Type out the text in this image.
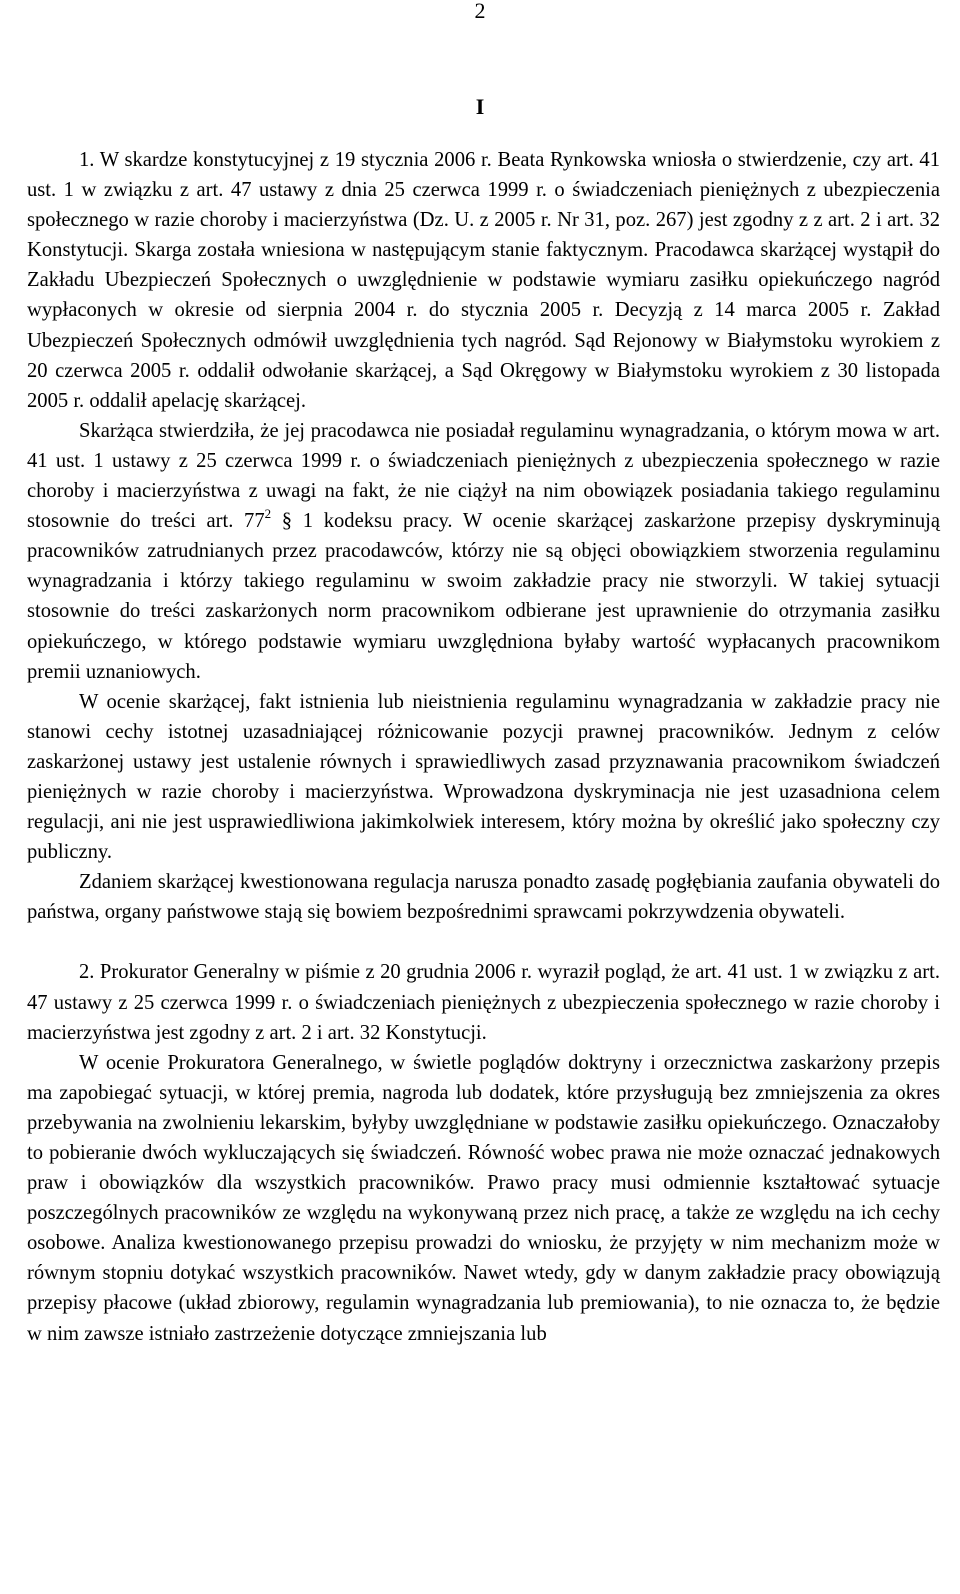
2
I

1. W skardze konstytucyjnej z 19 stycznia 2006 r. Beata Rynkowska wniosła o stwierdzenie, czy art. 41 ust. 1 w związku z art. 47 ustawy z dnia 25 czerwca 1999 r. o świadczeniach pieniężnych z ubezpieczenia społecznego w razie choroby i macierzyństwa (Dz. U. z 2005 r. Nr 31, poz. 267) jest zgodny z z art. 2 i art. 32 Konstytucji. Skarga została wniesiona w następującym stanie faktycznym. Pracodawca skarżącej wystąpił do Zakładu Ubezpieczeń Społecznych o uwzględnienie w podstawie wymiaru zasiłku opiekuńczego nagród wypłaconych w okresie od sierpnia 2004 r. do stycznia 2005 r. Decyzją z 14 marca 2005 r. Zakład Ubezpieczeń Społecznych odmówił uwzględnienia tych nagród. Sąd Rejonowy w Białymstoku wyrokiem z 20 czerwca 2005 r. oddalił odwołanie skarżącej, a Sąd Okręgowy w Białymstoku wyrokiem z 30 listopada 2005 r. oddalił apelację skarżącej.

Skarżąca stwierdziła, że jej pracodawca nie posiadał regulaminu wynagradzania, o którym mowa w art. 41 ust. 1 ustawy z 25 czerwca 1999 r. o świadczeniach pieniężnych z ubezpieczenia społecznego w razie choroby i macierzyństwa z uwagi na fakt, że nie ciążył na nim obowiązek posiadania takiego regulaminu stosownie do treści art. $77^2$ § 1 kodeksu pracy. W ocenie skarżącej zaskarżone przepisy dyskryminują pracowników zatrudnianych przez pracodawców, którzy nie są objęci obowiązkiem stworzenia regulaminu wynagradzania i którzy takiego regulaminu w swoim zakładzie pracy nie stworzyli. W takiej sytuacji stosownie do treści zaskarżonych norm pracownikom odbierane jest uprawnienie do otrzymania zasiłku opiekuńczego, w którego podstawie wymiaru uwzględniona byłaby wartość wypłacanych pracownikom premii uznaniowych.

W ocenie skarżącej, fakt istnienia lub nieistnienia regulaminu wynagradzania w zakładzie pracy nie stanowi cechy istotnej uzasadniającej różnicowanie pozycji prawnej pracowników. Jednym z celów zaskarżonej ustawy jest ustalenie równych i sprawiedliwych zasad przyznawania pracownikom świadczeń pieniężnych w razie choroby i macierzyństwa. Wprowadzona dyskryminacja nie jest uzasadniona celem regulacji, ani nie jest usprawiedliwiona jakimkolwiek interesem, który można by określić jako społeczny czy publiczny.

Zdaniem skarżącej kwestionowana regulacja narusza ponadto zasadę pogłębiania zaufania obywateli do państwa, organy państwowe stają się bowiem bezpośrednimi sprawcami pokrzywdzenia obywateli.

2. Prokurator Generalny w piśmie z 20 grudnia 2006 r. wyraził pogląd, że art. 41 ust. 1 w związku z art. 47 ustawy z 25 czerwca 1999 r. o świadczeniach pieniężnych z ubezpieczenia społecznego w razie choroby i macierzyństwa jest zgodny z art. 2 i art. 32 Konstytucji.

W ocenie Prokuratora Generalnego, w świetle poglądów doktryny i orzecznictwa zaskarżony przepis ma zapobiegać sytuacji, w której premia, nagroda lub dodatek, które przysługują bez zmniejszenia za okres przebywania na zwolnieniu lekarskim, byłyby uwzględniane w podstawie zasiłku opiekuńczego. Oznaczałoby to pobieranie dwóch wykluczających się świadczeń. Równość wobec prawa nie może oznaczać jednakowych praw i obowiązków dla wszystkich pracowników. Prawo pracy musi odmiennie kształtować sytuacje poszczególnych pracowników ze względu na wykonywaną przez nich pracę, a także ze względu na ich cechy osobowe. Analiza kwestionowanego przepisu prowadzi do wniosku, że przyjęty w nim mechanizm może w równym stopniu dotykać wszystkich pracowników. Nawet wtedy, gdy w danym zakładzie pracy obowiązują przepisy płacowe (układ zbiorowy, regulamin wynagradzania lub premiowania), to nie oznacza to, że będzie w nim zawsze istniało zastrzeżenie dotyczące zmniejszania lub
